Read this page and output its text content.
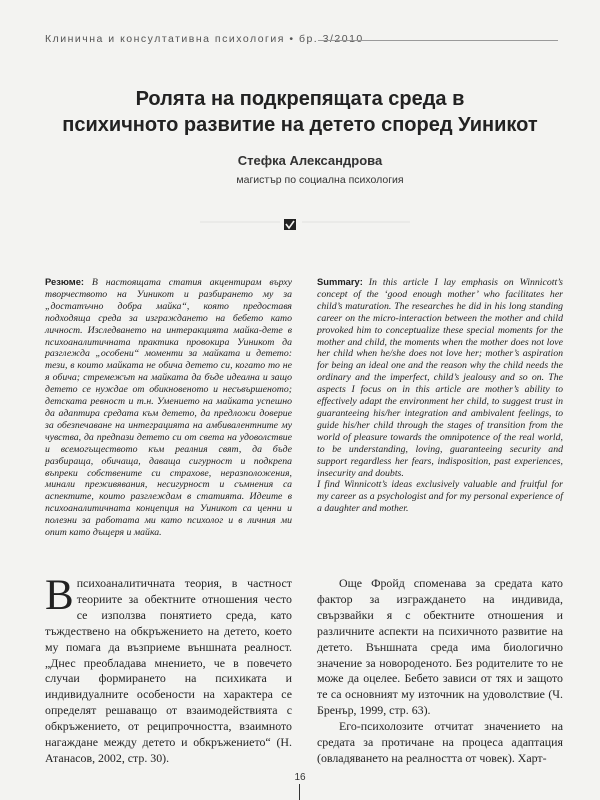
Клинична и консултативна психология • бр. 3/2010
Ролята на подкрепящата среда в
психичното развитие на детето според Уиникот
Стефка Александрова
магистър по социална психология

Резюме: В настоящата статия акцентирам върху творчеството на Уиникот и разбирането му за „достатъчно добра майка“, която предоставя подходяща среда за изграждането на бебето като личност. Изследването на интеракцията майка-дете в психоаналитичната практика провокира Уиникот да разглежда „особени“ моменти за майката и детето: тези, в които майката не обича детето си, когато то не я обича; стремежът на майката да бъде идеална и защо детето се нуждае от обикновеното и несъвършеното; детската ревност и т.н. Умението на майката успешно да адаптира средата към детето, да предложи доверие за обезпечаване на интеграцията на амбивалентните му чувства, да предпази детето си от света на удоволствие и всемогъществото към реалния свят, да бъде разбираща, обичаща, даваща сигурност и подкрепа въпреки собствените си страхове, неразположения, минали преживявания, несигурност и съмнения са аспектите, които разглеждам в статията. Идеите в психоаналитичната концепция на Уиникот са ценни и полезни за работата ми като психолог и в личния ми опит като дъщеря и майка.

Summary: In this article I lay emphasis on Winnicott’s concept of the ‘good enough mother’ who facilitates her child’s maturation. The researches he did in his long standing career on the micro-interaction between the mother and child provoked him to conceptualize these special moments for the mother and child, the moments when the mother does not love her child when he/she does not love her; mother’s aspiration for being an ideal one and the reason why the child needs the ordinary and the imperfect, child’s jealousy and so on. The aspects I focus on in this article are mother’s ability to effectively adapt the environment her child, to suggest trust in guaranteeing his/her integration and ambivalent feelings, to guide his/her child through the stages of transition from the world of pleasure towards the omnipotence of the real world, to be understanding, loving, guaranteeing security and support regardless her fears, indisposition, past experiences, insecurity and doubts.

I find Winnicott’s ideas exclusively valuable and fruitful for my career as a psychologist and for my personal experience of a daughter and mother.

В психоаналитичната теория, в частност теориите за обектните отношения често се използва понятието среда, като тъждествено на обкръжението на детето, което му помага да възприеме външната реалност. „Днес преобладава мнението, че в повечето случаи формирането на психиката и индивидуалните особености на характера се определят решаващо от взаимодействията с обкръжението, от реципрочността, взаимното нагаждане между детето и обкръжението“ (Н. Атанасов, 2002, стр. 30).

Още Фройд споменава за средата като фактор за изграждането на индивида, свързвайки я с обектните отношения и различните аспекти на психичното развитие на детето. Външната среда има биологично значение за новороденото. Без родителите то не може да оцелее. Бебето зависи от тях и защото те са основният му източник на удоволствие (Ч. Бренър, 1999, стр. 63).

Его-психолозите отчитат значението на средата за протичане на процеса адаптация (овладяването на реалността от човек). Харт-

16
